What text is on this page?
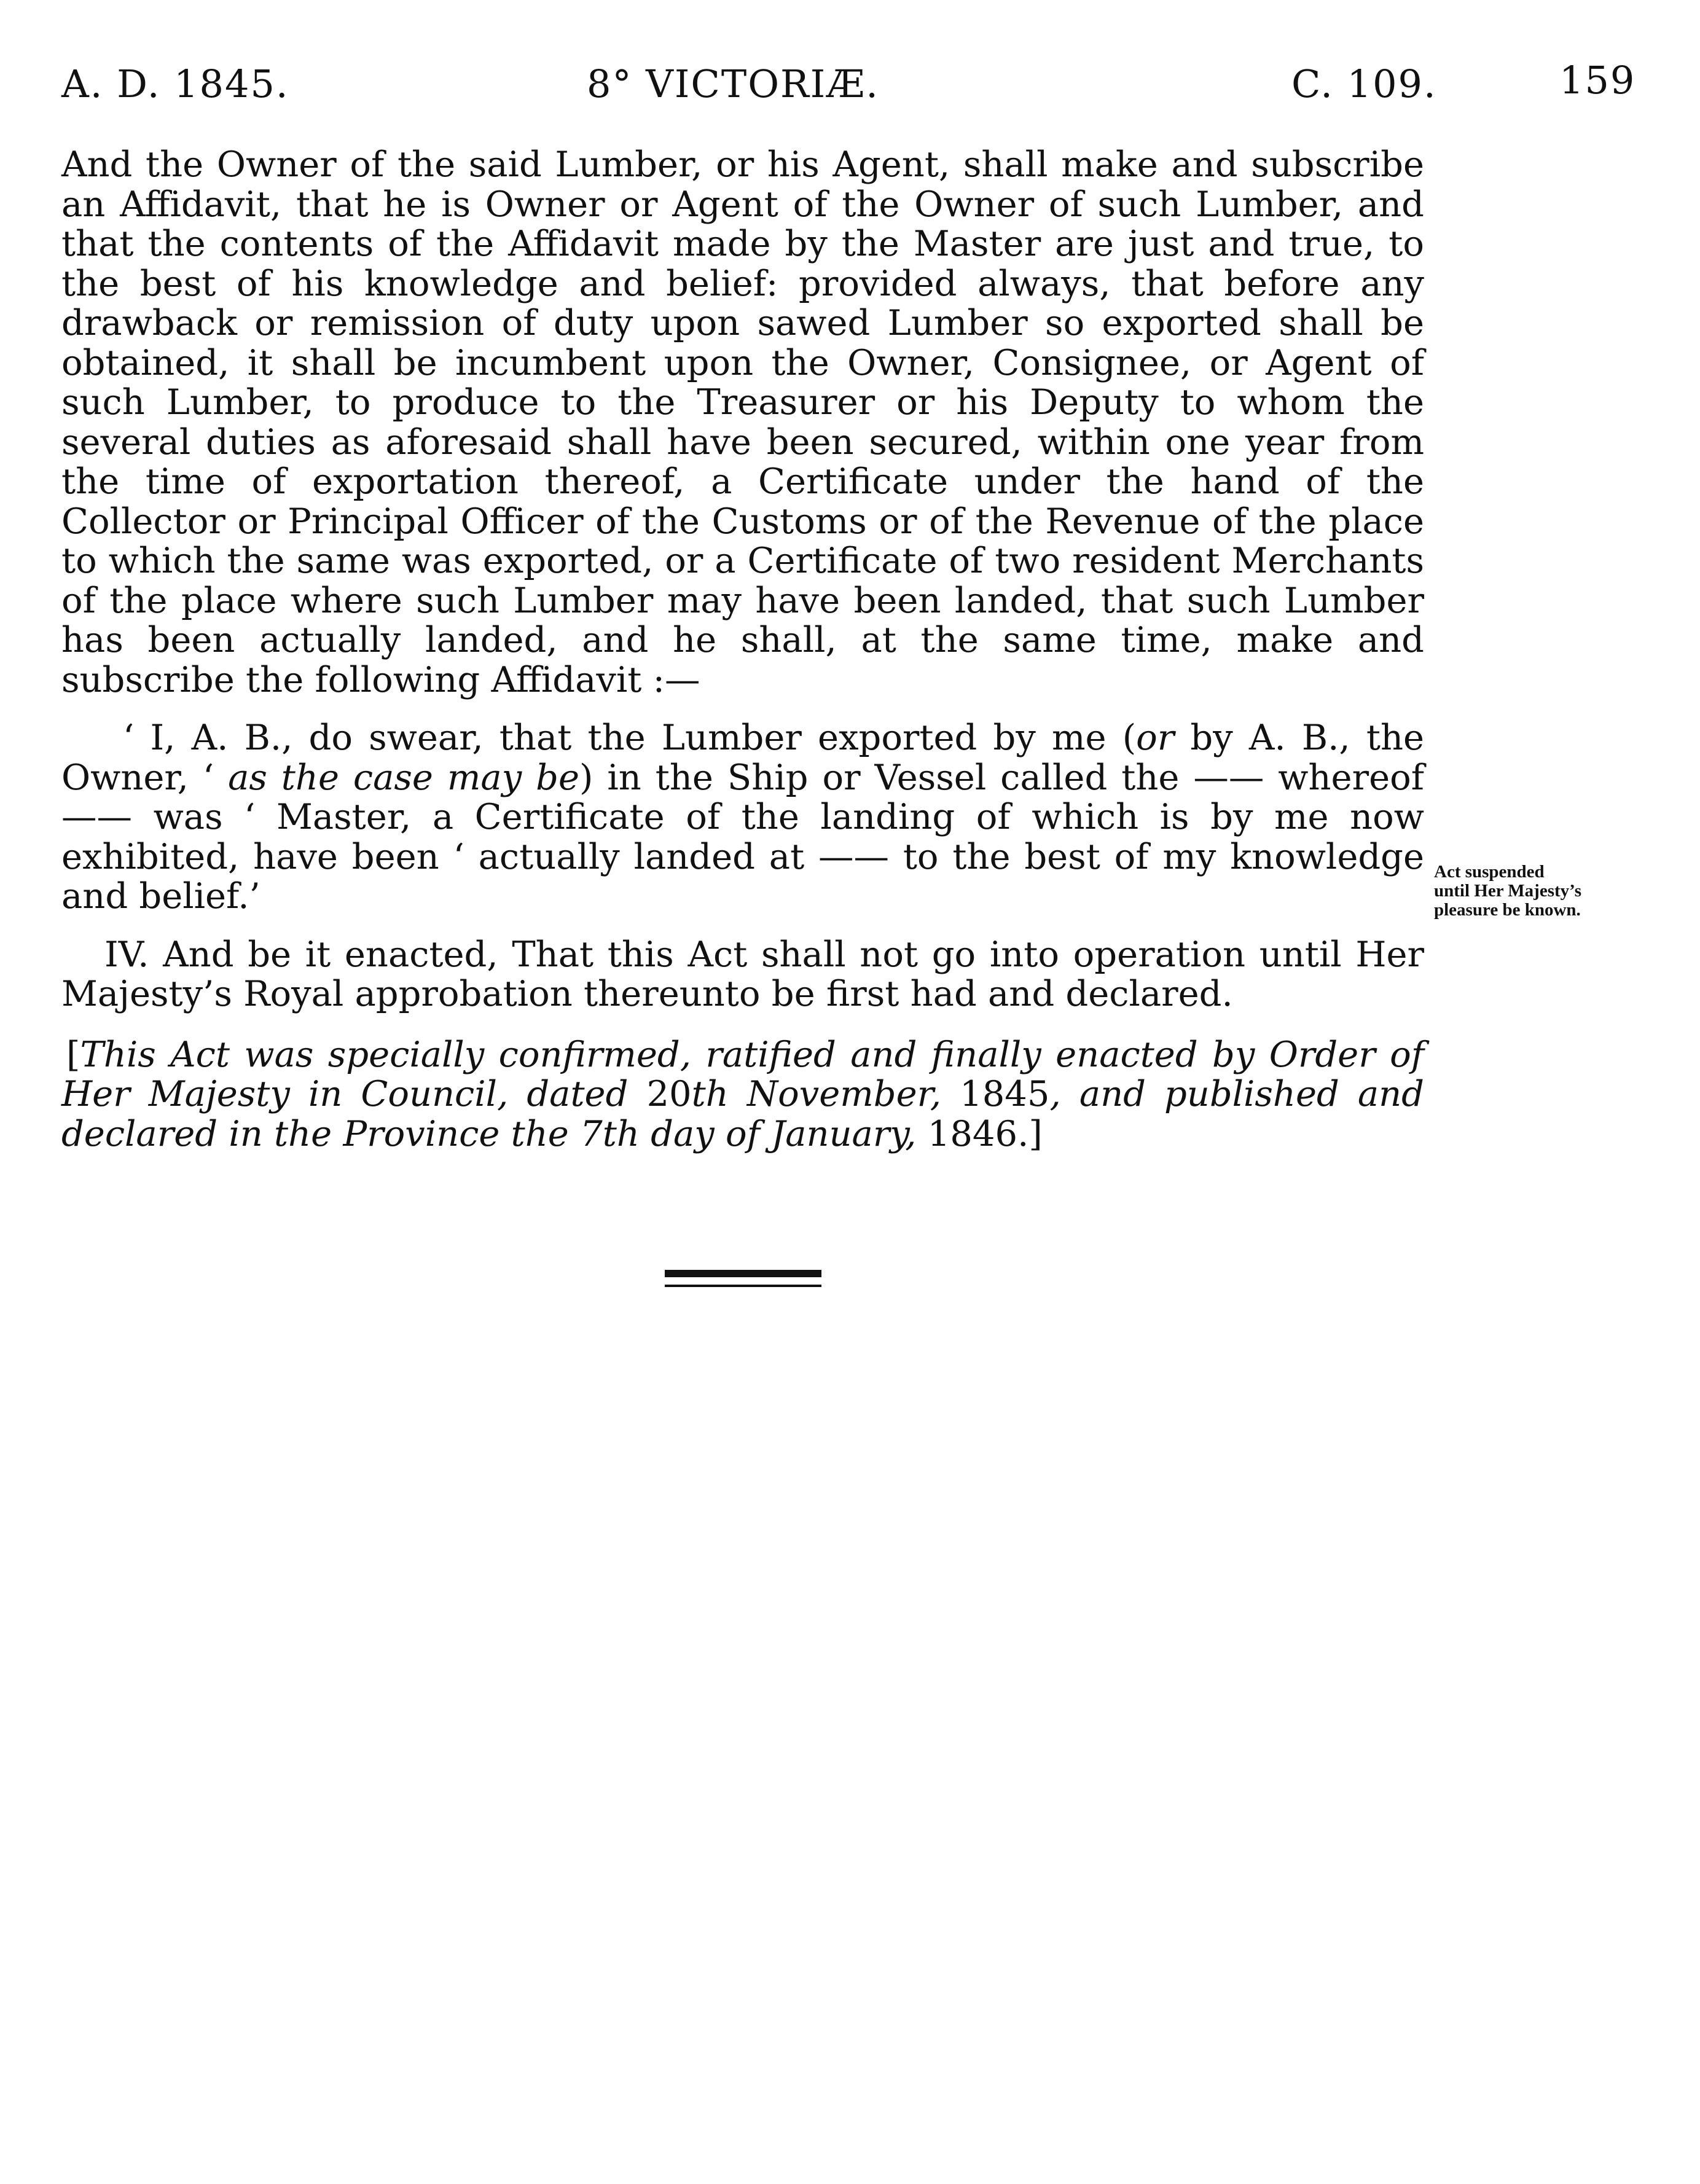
A. D. 1845.	8° VICTORIÆ.	C. 109.	159

And the Owner of the said Lumber, or his Agent, shall make and subscribe an Affidavit, that he is Owner or Agent of the Owner of such Lumber, and that the contents of the Affidavit made by the Master are just and true, to the best of his knowledge and belief: provided always, that before any drawback or remission of duty upon sawed Lumber so exported shall be obtained, it shall be incumbent upon the Owner, Consignee, or Agent of such Lumber, to produce to the Treasurer or his Deputy to whom the several duties as aforesaid shall have been secured, within one year from the time of exportation thereof, a Certificate under the hand of the Collector or Principal Officer of the Customs or of the Revenue of the place to which the same was exported, or a Certificate of two resident Merchants of the place where such Lumber may have been landed, that such Lumber has been actually landed, and he shall, at the same time, make and subscribe the following Affidavit :—

‘ I, A. B., do swear, that the Lumber exported by me (or by A. B., the Owner, ‘ as the case may be) in the Ship or Vessel called the —— whereof —— was ‘ Master, a Certificate of the landing of which is by me now exhibited, have been ‘ actually landed at —— to the best of my knowledge and belief.’

IV. And be it enacted, That this Act shall not go into operation until Her Majesty’s Royal approbation thereunto be first had and declared.

[This Act was specially confirmed, ratified and finally enacted by Order of Her Majesty in Council, dated 20th November, 1845, and published and declared in the Province the 7th day of January, 1846.]

Act suspended
until Her Majesty’s
pleasure be known.
